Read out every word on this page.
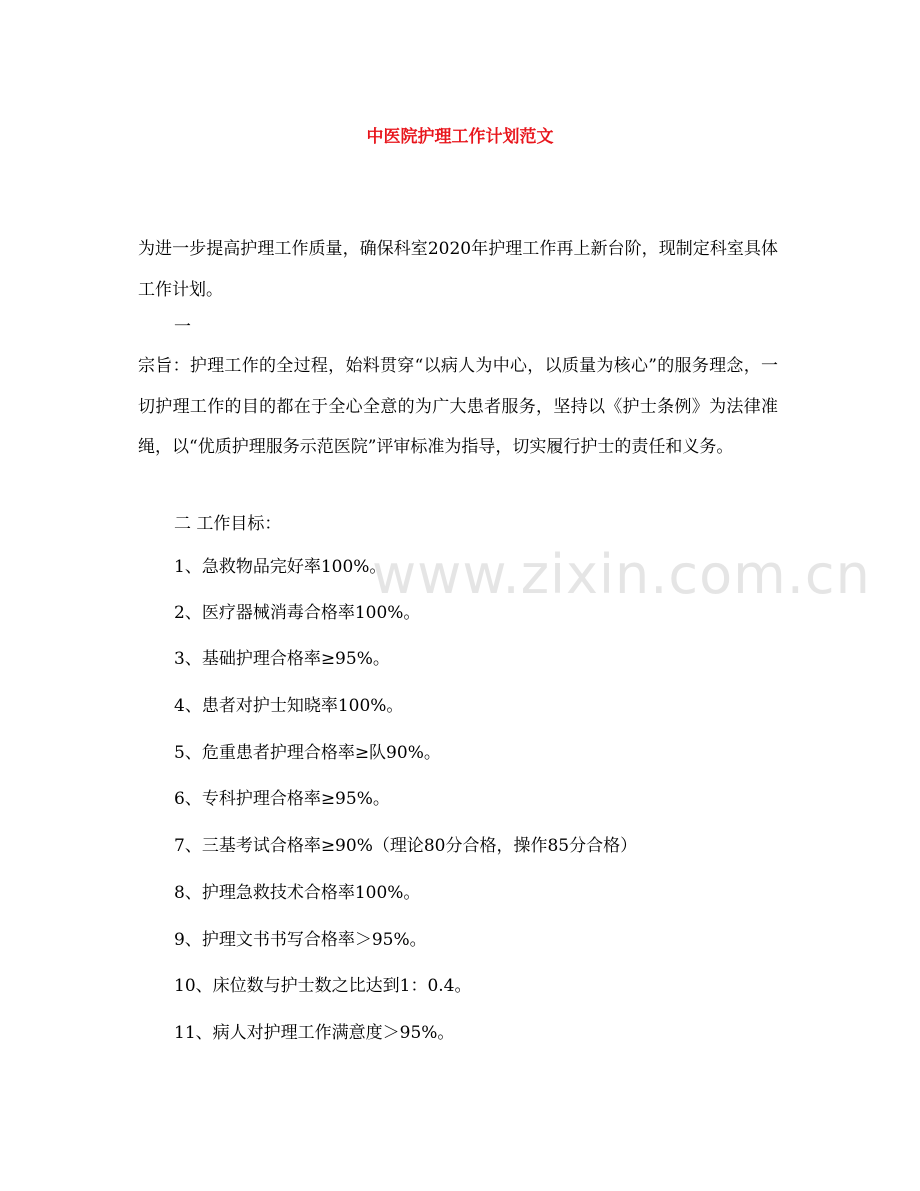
中医院护理工作计划范文

为进一步提高护理工作质量，确保科室2020年护理工作再上新台阶，现制定科室具体工作计划。

一

宗旨：护理工作的全过程，始料贯穿“以病人为中心，以质量为核心”的服务理念，一切护理工作的目的都在于全心全意的为广大患者服务，坚持以《护士条例》为法律准绳，以“优质护理服务示范医院”评审标准为指导，切实履行护士的责任和义务。

二 工作目标：

1、急救物品完好率100%。

2、医疗器械消毒合格率100%。

3、基础护理合格率≥95%。

4、患者对护士知晓率100%。

5、危重患者护理合格率≥队90%。

6、专科护理合格率≥95%。

7、三基考试合格率≥90%（理论80分合格，操作85分合格）

8、护理急救技术合格率100%。

9、护理文书书写合格率＞95%。

10、床位数与护士数之比达到1：0.4。

11、病人对护理工作满意度＞95%。

www.zixin.com.cn
